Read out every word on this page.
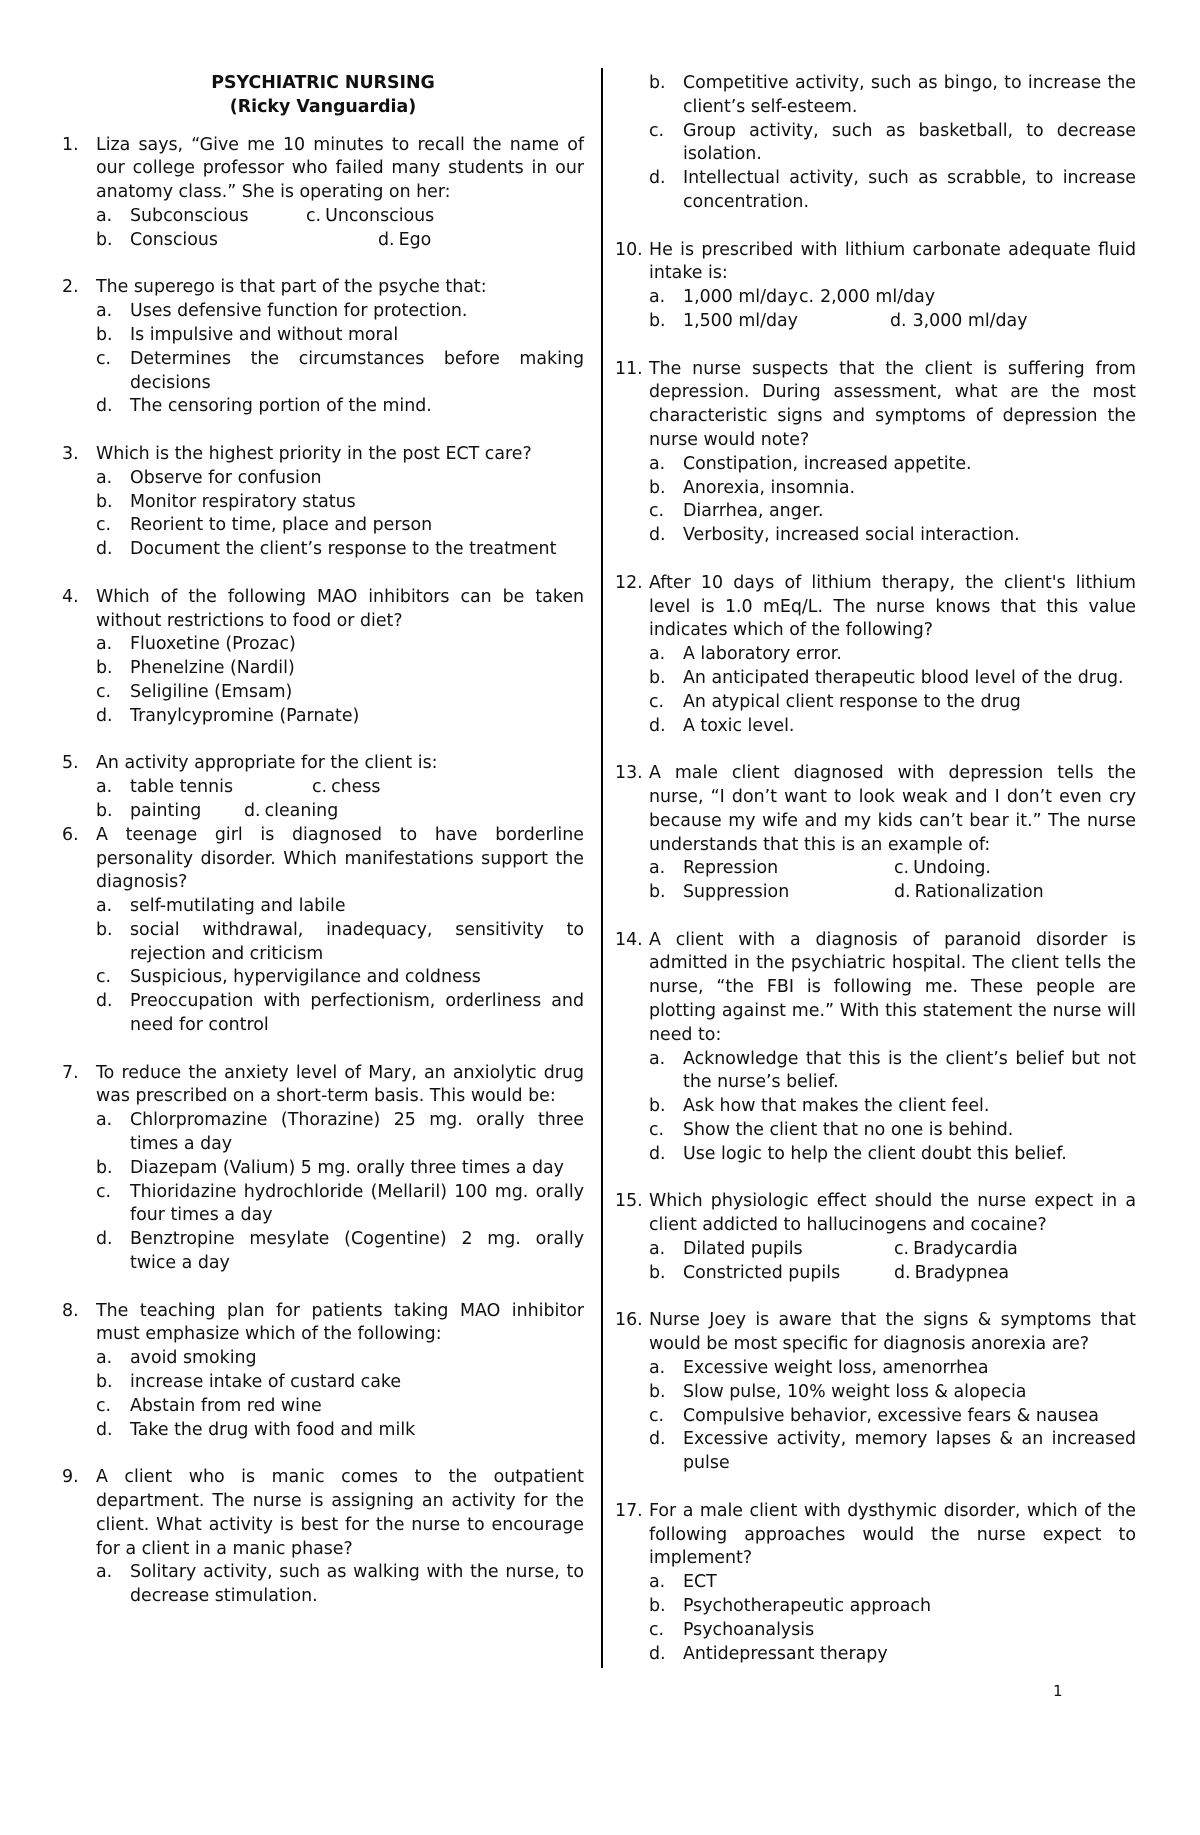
PSYCHIATRIC NURSING
(Ricky Vanguardia)
1.	Liza says, “Give me 10 minutes to recall the name of our college professor who failed many students in our anatomy class.” She is operating on her:
a.	Subconscious	c. Unconscious
b.	Conscious	d. Ego
2.	The superego is that part of the psyche that:
a.	Uses defensive function for protection.
b.	Is impulsive and without moral
c.	Determines the circumstances before making decisions
d.	The censoring portion of the mind.
3.	Which is the highest priority in the post ECT care?
a.	Observe for confusion
b.	Monitor respiratory status
c.	Reorient to time, place and person
d.	Document the client’s response to the treatment
4.	Which of the following MAO inhibitors can be taken without restrictions to food or diet?
a.	Fluoxetine (Prozac)
b.	Phenelzine (Nardil)
c.	Seligiline (Emsam)
d.	Tranylcypromine (Parnate)
5.	An activity appropriate for the client is:
a.	table tennis	c. chess
b.	painting d. cleaning
6.	A teenage girl is diagnosed to have borderline personality disorder. Which manifestations support the diagnosis?
a.	self-mutilating and labile
b.	social withdrawal, inadequacy, sensitivity to rejection and criticism
c.	Suspicious, hypervigilance and coldness
d.	Preoccupation with perfectionism, orderliness and need for control
7.	To reduce the anxiety level of Mary, an anxiolytic drug was prescribed on a short-term basis. This would be:
a.	Chlorpromazine (Thorazine) 25 mg. orally three times a day
b.	Diazepam (Valium) 5 mg. orally three times a day
c.	Thioridazine hydrochloride (Mellaril) 100 mg. orally four times a day
d.	Benztropine mesylate (Cogentine) 2 mg. orally twice a day
8.	The teaching plan for patients taking MAO inhibitor must emphasize which of the following:
a.	avoid smoking
b.	increase intake of custard cake
c.	Abstain from red wine
d.	Take the drug with food and milk
9.	A client who is manic comes to the outpatient department. The nurse is assigning an activity for the client. What activity is best for the nurse to encourage for a client in a manic phase?
a.	Solitary activity, such as walking with the nurse, to decrease stimulation.
b.	Competitive activity, such as bingo, to increase the client’s self-esteem.
c.	Group activity, such as basketball, to decrease isolation.
d.	Intellectual activity, such as scrabble, to increase concentration.
10. He is prescribed with lithium carbonate adequate fluid intake is:
a.	1,000 ml/day c. 2,000 ml/day
b.	1,500 ml/day	d. 3,000 ml/day
11. The nurse suspects that the client is suffering from depression. During assessment, what are the most characteristic signs and symptoms of depression the nurse would note?
a.	Constipation, increased appetite.
b.	Anorexia, insomnia.
c.	Diarrhea, anger.
d.	Verbosity, increased social interaction.
12. After 10 days of lithium therapy, the client's lithium level is 1.0 mEq/L. The nurse knows that this value indicates which of the following?
a.	A laboratory error.
b.	An anticipated therapeutic blood level of the drug.
c.	An atypical client response to the drug
d.	A toxic level.
13. A male client diagnosed with depression tells the nurse, “I don’t want to look weak and I don’t even cry because my wife and my kids can’t bear it.” The nurse understands that this is an example of:
a.	Repression	c. Undoing.
b.	Suppression	d. Rationalization
14. A client with a diagnosis of paranoid disorder is admitted in the psychiatric hospital. The client tells the nurse, “the FBI is following me. These people are plotting against me.” With this statement the nurse will need to:
a.	Acknowledge that this is the client’s belief but not the nurse’s belief.
b.	Ask how that makes the client feel.
c.	Show the client that no one is behind.
d.	Use logic to help the client doubt this belief.
15. Which physiologic effect should the nurse expect in a client addicted to hallucinogens and cocaine?
a.	Dilated pupils	c. Bradycardia
b.	Constricted pupils	d. Bradypnea
16. Nurse Joey is aware that the signs & symptoms that would be most specific for diagnosis anorexia are?
a.	Excessive weight loss, amenorrhea
b.	Slow pulse, 10% weight loss & alopecia
c.	Compulsive behavior, excessive fears & nausea
d.	Excessive activity, memory lapses & an increased pulse
17. For a male client with dysthymic disorder, which of the following approaches would the nurse expect to implement?
a.	ECT
b.	Psychotherapeutic approach
c.	Psychoanalysis
d.	Antidepressant therapy
1
